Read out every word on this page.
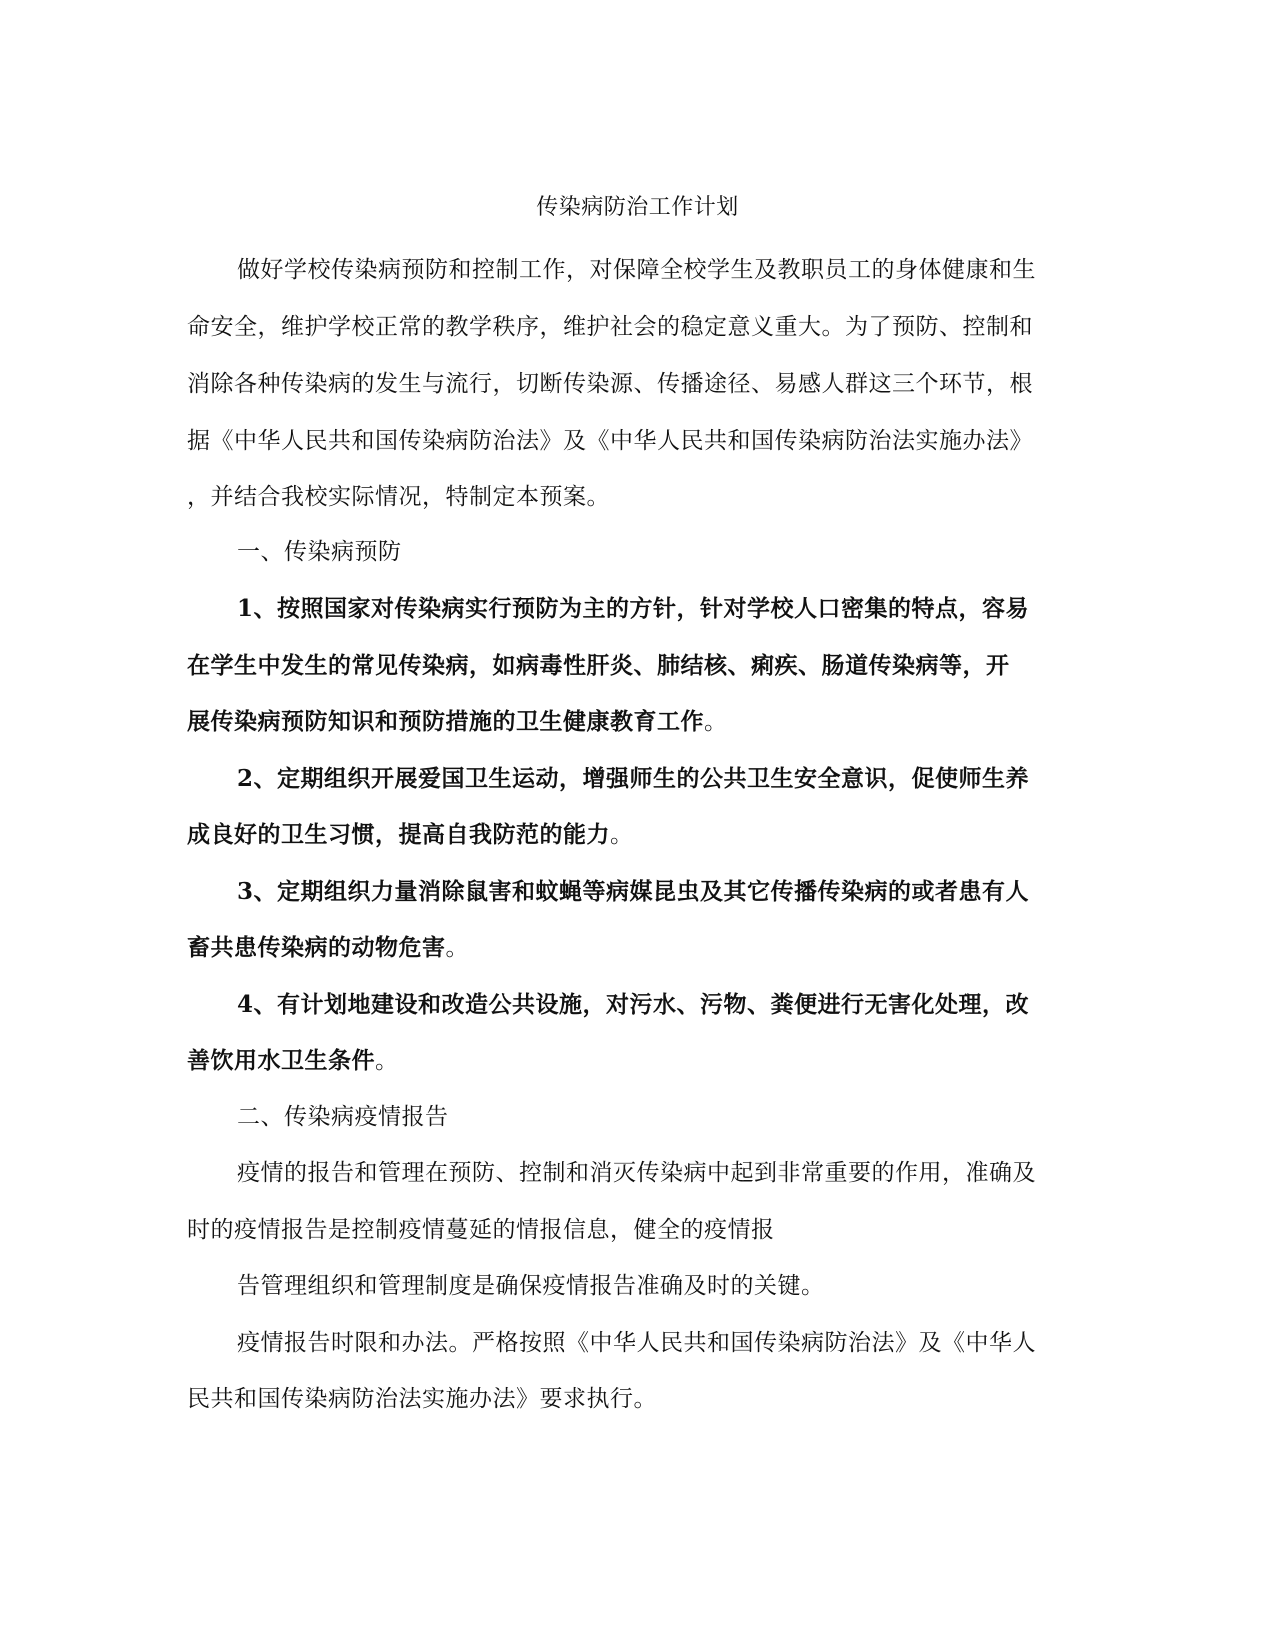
传染病防治工作计划
做好学校传染病预防和控制工作，对保障全校学生及教职员工的身体健康和生
命安全，维护学校正常的教学秩序，维护社会的稳定意义重大。为了预防、控制和
消除各种传染病的发生与流行，切断传染源、传播途径、易感人群这三个环节，根
据《中华人民共和国传染病防治法》及《中华人民共和国传染病防治法实施办法》
，并结合我校实际情况，特制定本预案。
一、传染病预防
1、按照国家对传染病实行预防为主的方针，针对学校人口密集的特点，容易
在学生中发生的常见传染病，如病毒性肝炎、肺结核、痢疾、肠道传染病等，开
展传染病预防知识和预防措施的卫生健康教育工作。
2、定期组织开展爱国卫生运动，增强师生的公共卫生安全意识，促使师生养
成良好的卫生习惯，提高自我防范的能力。
3、定期组织力量消除鼠害和蚊蝇等病媒昆虫及其它传播传染病的或者患有人
畜共患传染病的动物危害。
4、有计划地建设和改造公共设施，对污水、污物、粪便进行无害化处理，改
善饮用水卫生条件。
二、传染病疫情报告
疫情的报告和管理在预防、控制和消灭传染病中起到非常重要的作用，准确及
时的疫情报告是控制疫情蔓延的情报信息，健全的疫情报
告管理组织和管理制度是确保疫情报告准确及时的关键。
疫情报告时限和办法。严格按照《中华人民共和国传染病防治法》及《中华人
民共和国传染病防治法实施办法》要求执行。
